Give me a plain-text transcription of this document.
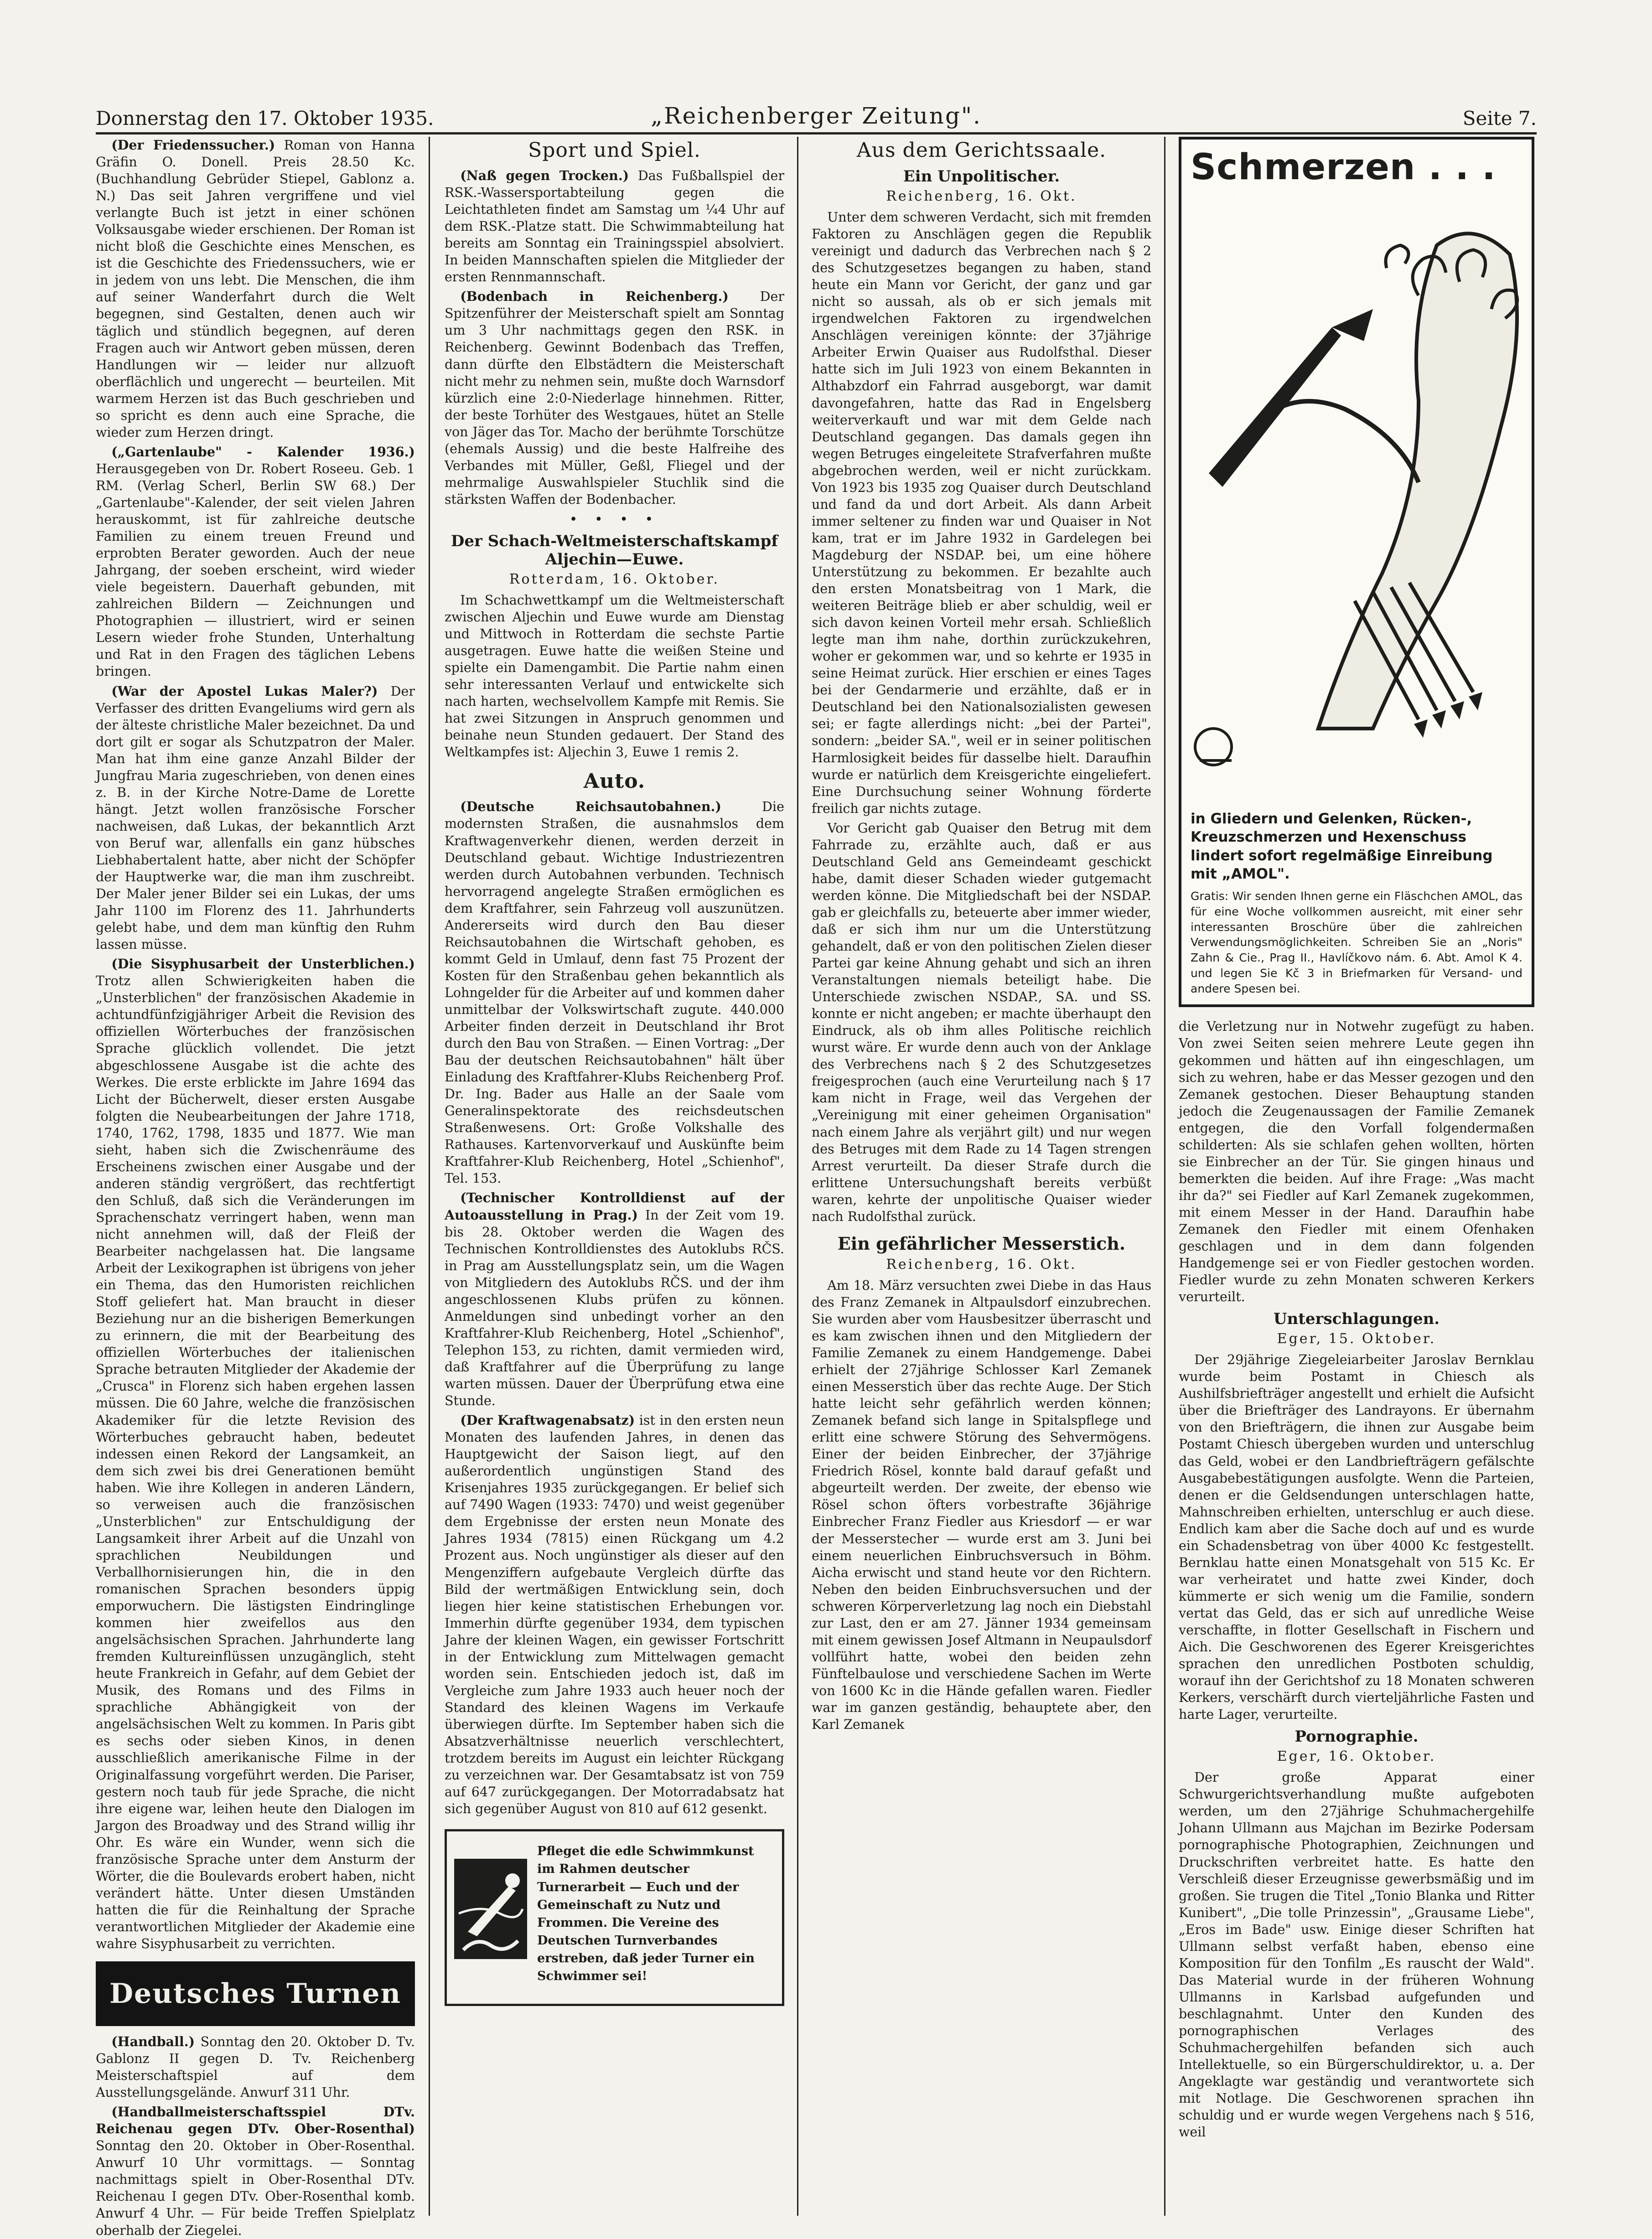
Donnerstag den 17. Oktober 1935.	„Reichenberger Zeitung".	Seite 7.

(Der Friedenssucher.) Roman von Hanna Gräfin O. Donell. Preis 28.50 Kc. (Buchhandlung Gebrüder Stiepel, Gablonz a. N.) Das seit Jahren vergriffene und viel verlangte Buch ist jetzt in einer schönen Volksausgabe wieder erschienen. Der Roman ist nicht bloß die Geschichte eines Menschen, es ist die Geschichte des Friedenssuchers, wie er in jedem von uns lebt. Die Menschen, die ihm auf seiner Wanderfahrt durch die Welt begegnen, sind Gestalten, denen auch wir täglich und stündlich begegnen, auf deren Fragen auch wir Antwort geben müssen, deren Handlungen wir — leider nur allzuoft oberflächlich und ungerecht — beurteilen. Mit warmem Herzen ist das Buch geschrieben und so spricht es denn auch eine Sprache, die wieder zum Herzen dringt.

(„Gartenlaube" - Kalender 1936.) Herausgegeben von Dr. Robert Roseeu. Geb. 1 RM. (Verlag Scherl, Berlin SW 68.) Der „Gartenlaube"-Kalender, der seit vielen Jahren herauskommt, ist für zahlreiche deutsche Familien zu einem treuen Freund und erprobten Berater geworden. Auch der neue Jahrgang, der soeben erscheint, wird wieder viele begeistern. Dauerhaft gebunden, mit zahlreichen Bildern — Zeichnungen und Photographien — illustriert, wird er seinen Lesern wieder frohe Stunden, Unterhaltung und Rat in den Fragen des täglichen Lebens bringen.

(War der Apostel Lukas Maler?) Der Verfasser des dritten Evangeliums wird gern als der älteste christliche Maler bezeichnet. Da und dort gilt er sogar als Schutzpatron der Maler. Man hat ihm eine ganze Anzahl Bilder der Jungfrau Maria zugeschrieben, von denen eines z. B. in der Kirche Notre-Dame de Lorette hängt. Jetzt wollen französische Forscher nachweisen, daß Lukas, der bekanntlich Arzt von Beruf war, allenfalls ein ganz hübsches Liebhabertalent hatte, aber nicht der Schöpfer der Hauptwerke war, die man ihm zuschreibt. Der Maler jener Bilder sei ein Lukas, der ums Jahr 1100 im Florenz des 11. Jahrhunderts gelebt habe, und dem man künftig den Ruhm lassen müsse.

(Die Sisyphusarbeit der Unsterblichen.) Trotz allen Schwierigkeiten haben die „Unsterblichen" der französischen Akademie in achtundfünfzigjähriger Arbeit die Revision des offiziellen Wörterbuches der französischen Sprache glücklich vollendet. Die jetzt abgeschlossene Ausgabe ist die achte des Werkes. Die erste erblickte im Jahre 1694 das Licht der Bücherwelt, dieser ersten Ausgabe folgten die Neubearbeitungen der Jahre 1718, 1740, 1762, 1798, 1835 und 1877. Wie man sieht, haben sich die Zwischenräume des Erscheinens zwischen einer Ausgabe und der anderen ständig vergrößert, das rechtfertigt den Schluß, daß sich die Veränderungen im Sprachenschatz verringert haben, wenn man nicht annehmen will, daß der Fleiß der Bearbeiter nachgelassen hat. Die langsame Arbeit der Lexikographen ist übrigens von jeher ein Thema, das den Humoristen reichlichen Stoff geliefert hat. Man braucht in dieser Beziehung nur an die bisherigen Bemerkungen zu erinnern, die mit der Bearbeitung des offiziellen Wörterbuches der italienischen Sprache betrauten Mitglieder der Akademie der „Crusca" in Florenz sich haben ergehen lassen müssen. Die 60 Jahre, welche die französischen Akademiker für die letzte Revision des Wörterbuches gebraucht haben, bedeutet indessen einen Rekord der Langsamkeit, an dem sich zwei bis drei Generationen bemüht haben. Wie ihre Kollegen in anderen Ländern, so verweisen auch die französischen „Unsterblichen" zur Entschuldigung der Langsamkeit ihrer Arbeit auf die Unzahl von sprachlichen Neubildungen und Verballhornisierungen hin, die in den romanischen Sprachen besonders üppig emporwuchern. Die lästigsten Eindringlinge kommen hier zweifellos aus den angelsächsischen Sprachen. Jahrhunderte lang fremden Kultureinflüssen unzugänglich, steht heute Frankreich in Gefahr, auf dem Gebiet der Musik, des Romans und des Films in sprachliche Abhängigkeit von der angelsächsischen Welt zu kommen. In Paris gibt es sechs oder sieben Kinos, in denen ausschließlich amerikanische Filme in der Originalfassung vorgeführt werden. Die Pariser, gestern noch taub für jede Sprache, die nicht ihre eigene war, leihen heute den Dialogen im Jargon des Broadway und des Strand willig ihr Ohr. Es wäre ein Wunder, wenn sich die französische Sprache unter dem Ansturm der Wörter, die die Boulevards erobert haben, nicht verändert hätte. Unter diesen Umständen hatten die für die Reinhaltung der Sprache verantwortlichen Mitglieder der Akademie eine wahre Sisyphusarbeit zu verrichten.

Deutsches Turnen

(Handball.) Sonntag den 20. Oktober D. Tv. Gablonz II gegen D. Tv. Reichenberg Meisterschaftspiel auf dem Ausstellungsgelände. Anwurf 311 Uhr.

(Handballmeisterschaftsspiel DTv. Reichenau gegen DTv. Ober-Rosenthal) Sonntag den 20. Oktober in Ober-Rosenthal. Anwurf 10 Uhr vormittags. — Sonntag nachmittags spielt in Ober-Rosenthal DTv. Reichenau I gegen DTv. Ober-Rosenthal komb. Anwurf 4 Uhr. — Für beide Treffen Spielplatz oberhalb der Ziegelei.

Sport und Spiel.

(Naß gegen Trocken.) Das Fußballspiel der RSK.-Wassersportabteilung gegen die Leichtathleten findet am Samstag um ¼4 Uhr auf dem RSK.-Platze statt. Die Schwimmabteilung hat bereits am Sonntag ein Trainingsspiel absolviert. In beiden Mannschaften spielen die Mitglieder der ersten Rennmannschaft.

(Bodenbach in Reichenberg.) Der Spitzenführer der Meisterschaft spielt am Sonntag um 3 Uhr nachmittags gegen den RSK. in Reichenberg. Gewinnt Bodenbach das Treffen, dann dürfte den Elbstädtern die Meisterschaft nicht mehr zu nehmen sein, mußte doch Warnsdorf kürzlich eine 2:0-Niederlage hinnehmen. Ritter, der beste Torhüter des Westgaues, hütet an Stelle von Jäger das Tor. Macho der berühmte Torschütze (ehemals Aussig) und die beste Halfreihe des Verbandes mit Müller, Geßl, Fliegel und der mehrmalige Auswahlspieler Stuchlik sind die stärksten Waffen der Bodenbacher.

• • • •
Der Schach-Weltmeisterschaftskampf Aljechin—Euwe.
Rotterdam, 16. Oktober.

Im Schachwettkampf um die Weltmeisterschaft zwischen Aljechin und Euwe wurde am Dienstag und Mittwoch in Rotterdam die sechste Partie ausgetragen. Euwe hatte die weißen Steine und spielte ein Damengambit. Die Partie nahm einen sehr interessanten Verlauf und entwickelte sich nach harten, wechselvollem Kampfe mit Remis. Sie hat zwei Sitzungen in Anspruch genommen und beinahe neun Stunden gedauert. Der Stand des Weltkampfes ist: Aljechin 3, Euwe 1 remis 2.

Auto.

(Deutsche Reichsautobahnen.)	Die modernsten Straßen, die ausnahmslos dem Kraftwagenverkehr dienen, werden derzeit in Deutschland gebaut. Wichtige Industriezentren werden durch Autobahnen verbunden. Technisch hervorragend angelegte Straßen ermöglichen es dem Kraftfahrer, sein Fahrzeug voll auszunützen. Andererseits wird durch den Bau dieser Reichsautobahnen die Wirtschaft gehoben, es kommt Geld in Umlauf, denn fast 75 Prozent der Kosten für den Straßenbau gehen bekanntlich als Lohngelder für die Arbeiter auf und kommen daher unmittelbar der Volkswirtschaft zugute. 440.000 Arbeiter finden derzeit in Deutschland ihr Brot durch den Bau von Straßen. — Einen Vortrag: „Der Bau der deutschen Reichsautobahnen" hält über Einladung des Kraftfahrer-Klubs Reichenberg Prof. Dr. Ing. Bader aus Halle an der Saale vom Generalinspektorate des reichsdeutschen Straßenwesens. Ort: Große Volkshalle des Rathauses. Kartenvorverkauf und Auskünfte beim Kraftfahrer-Klub Reichenberg, Hotel „Schienhof", Tel. 153.

(Technischer Kontrolldienst auf der Autoausstellung in Prag.) In der Zeit vom 19. bis 28. Oktober werden die Wagen des Technischen Kontrolldienstes des Autoklubs RČS. in Prag am Ausstellungsplatz sein, um die Wagen von Mitgliedern des Autoklubs RČS. und der ihm angeschlossenen Klubs prüfen zu können. Anmeldungen sind unbedingt vorher an den Kraftfahrer-Klub Reichenberg, Hotel „Schienhof", Telephon 153, zu richten, damit vermieden wird, daß Kraftfahrer auf die Überprüfung zu lange warten müssen. Dauer der Überprüfung etwa eine Stunde.

(Der Kraftwagenabsatz) ist in den ersten neun Monaten des laufenden Jahres, in denen das Hauptgewicht der Saison liegt, auf den außerordentlich ungünstigen Stand des Krisenjahres 1935 zurückgegangen. Er belief sich auf 7490 Wagen (1933: 7470) und weist gegenüber dem Ergebnisse der ersten neun Monate des Jahres 1934 (7815) einen Rückgang um 4.2 Prozent aus. Noch ungünstiger als dieser auf den Mengenziffern aufgebaute Vergleich dürfte das Bild der wertmäßigen Entwicklung sein, doch liegen hier keine statistischen Erhebungen vor. Immerhin dürfte gegenüber 1934, dem typischen Jahre der kleinen Wagen, ein gewisser Fortschritt in der Entwicklung zum Mittelwagen gemacht worden sein. Entschieden jedoch ist, daß im Vergleiche zum Jahre 1933 auch heuer noch der Standard des kleinen Wagens im Verkaufe überwiegen dürfte. Im September haben sich die Absatzverhältnisse neuerlich verschlechtert, trotzdem bereits im August ein leichter Rückgang zu verzeichnen war. Der Gesamtabsatz ist von 759 auf 647 zurückgegangen. Der Motorradabsatz hat sich gegenüber August von 810 auf 612 gesenkt.

Pfleget die edle Schwimmkunst im Rahmen deutscher Turnerarbeit — Euch und der Gemeinschaft zu Nutz und Frommen. Die Vereine des Deutschen Turnverbandes erstreben, daß jeder Turner ein Schwimmer sei!
Aus dem Gerichtssaale.
Ein Unpolitischer.
Reichenberg, 16. Okt.

Unter dem schweren Verdacht, sich mit fremden Faktoren zu Anschlägen gegen die Republik vereinigt und dadurch das Verbrechen nach § 2 des Schutzgesetzes begangen zu haben, stand heute ein Mann vor Gericht, der ganz und gar nicht so aussah, als ob er sich jemals mit irgendwelchen Faktoren zu irgendwelchen Anschlägen vereinigen könnte: der 37jährige Arbeiter Erwin Quaiser aus Rudolfsthal. Dieser hatte sich im Juli 1923 von einem Bekannten in Althabzdorf ein Fahrrad ausgeborgt, war damit davongefahren, hatte das Rad in Engelsberg weiterverkauft und war mit dem Gelde nach Deutschland gegangen. Das damals gegen ihn wegen Betruges eingeleitete Strafverfahren mußte abgebrochen werden, weil er nicht zurückkam. Von 1923 bis 1935 zog Quaiser durch Deutschland und fand da und dort Arbeit. Als dann Arbeit immer seltener zu finden war und Quaiser in Not kam, trat er im Jahre 1932 in Gardelegen bei Magdeburg der NSDAP. bei, um eine höhere Unterstützung zu bekommen. Er bezahlte auch den ersten Monatsbeitrag von 1 Mark, die weiteren Beiträge blieb er aber schuldig, weil er sich davon keinen Vorteil mehr ersah. Schließlich legte man ihm nahe, dorthin zurückzukehren, woher er gekommen war, und so kehrte er 1935 in seine Heimat zurück. Hier erschien er eines Tages bei der Gendarmerie und erzählte, daß er in Deutschland bei den Nationalsozialisten gewesen sei; er fagte allerdings nicht: „bei der Partei", sondern: „beider SA.", weil er in seiner politischen Harmlosigkeit beides für dasselbe hielt. Daraufhin wurde er natürlich dem Kreisgerichte eingeliefert. Eine Durchsuchung seiner Wohnung förderte freilich gar nichts zutage.

Vor Gericht gab Quaiser den Betrug mit dem Fahrrade zu, erzählte auch, daß er aus Deutschland Geld ans Gemeindeamt geschickt habe, damit dieser Schaden wieder gutgemacht werden könne. Die Mitgliedschaft bei der NSDAP. gab er gleichfalls zu, beteuerte aber immer wieder, daß er sich ihm nur um die Unterstützung gehandelt, daß er von den politischen Zielen dieser Partei gar keine Ahnung gehabt und sich an ihren Veranstaltungen niemals beteiligt habe. Die Unterschiede zwischen NSDAP., SA. und SS. konnte er nicht angeben; er machte überhaupt den Eindruck, als ob ihm alles Politische reichlich wurst wäre. Er wurde denn auch von der Anklage des Verbrechens nach § 2 des Schutzgesetzes freigesprochen (auch eine Verurteilung nach § 17 kam nicht in Frage, weil das Vergehen der „Vereinigung mit einer geheimen Organisation" nach einem Jahre als verjährt gilt) und nur wegen des Betruges mit dem Rade zu 14 Tagen strengen Arrest verurteilt. Da dieser Strafe durch die erlittene Untersuchungshaft bereits verbüßt waren, kehrte der unpolitische Quaiser wieder nach Rudolfsthal zurück.

Ein gefährlicher Messerstich.
Reichenberg, 16. Okt.

Am 18. März versuchten zwei Diebe in das Haus des Franz Zemanek in Altpaulsdorf einzubrechen. Sie wurden aber vom Hausbesitzer überrascht und es kam zwischen ihnen und den Mitgliedern der Familie Zemanek zu einem Handgemenge. Dabei erhielt der 27jährige Schlosser Karl Zemanek einen Messerstich über das rechte Auge. Der Stich hatte leicht sehr gefährlich werden können; Zemanek befand sich lange in Spitalspflege und erlitt eine schwere Störung des Sehvermögens. Einer der beiden Einbrecher, der 37jährige Friedrich Rösel, konnte bald darauf gefaßt und abgeurteilt werden. Der zweite, der ebenso wie Rösel schon öfters vorbestrafte 36jährige Einbrecher Franz Fiedler aus Kriesdorf — er war der Messerstecher — wurde erst am 3. Juni bei einem neuerlichen Einbruchsversuch in Böhm. Aicha erwischt und stand heute vor den Richtern. Neben den beiden Einbruchsversuchen und der schweren Körperverletzung lag noch ein Diebstahl zur Last, den er am 27. Jänner 1934 gemeinsam mit einem gewissen Josef Altmann in Neupaulsdorf vollführt hatte, wobei den beiden zehn Fünftelbaulose und verschiedene Sachen im Werte von 1600 Kc in die Hände gefallen waren. Fiedler war im ganzen geständig, behauptete aber, den Karl Zemanek

Schmerzen . . .
in Gliedern und Gelenken, Rücken-, Kreuzschmerzen und Hexenschuss lindert sofort regelmäßige Einreibung mit „AMOL".
Gratis: Wir senden Ihnen gerne ein Fläschchen AMOL, das für eine Woche vollkommen ausreicht, mit einer sehr interessanten Broschüre über die zahlreichen Verwendungsmöglichkeiten. Schreiben Sie an „Noris" Zahn & Cie., Prag II., Havlíčkovo nám. 6. Abt. Amol K 4. und legen Sie Kč 3 in Briefmarken für Versand- und andere Spesen bei.

die Verletzung nur in Notwehr zugefügt zu haben. Von zwei Seiten seien mehrere Leute gegen ihn gekommen und hätten auf ihn eingeschlagen, um sich zu wehren, habe er das Messer gezogen und den Zemanek gestochen. Dieser Behauptung standen jedoch die Zeugenaussagen der Familie Zemanek entgegen, die den Vorfall folgendermaßen schilderten: Als sie schlafen gehen wollten, hörten sie Einbrecher an der Tür. Sie gingen hinaus und bemerkten die beiden. Auf ihre Frage: „Was macht ihr da?" sei Fiedler auf Karl Zemanek zugekommen, mit einem Messer in der Hand. Daraufhin habe Zemanek den Fiedler mit einem Ofenhaken geschlagen und in dem dann folgenden Handgemenge sei er von Fiedler gestochen worden. Fiedler wurde zu zehn Monaten schweren Kerkers verurteilt.

Unterschlagungen.
Eger, 15. Oktober.

Der 29jährige Ziegeleiarbeiter Jaroslav Bernklau wurde beim Postamt in Chiesch als Aushilfsbriefträger angestellt und erhielt die Aufsicht über die Briefträger des Landrayons. Er übernahm von den Briefträgern, die ihnen zur Ausgabe beim Postamt Chiesch übergeben wurden und unterschlug das Geld, wobei er den Landbriefträgern gefälschte Ausgabebestätigungen ausfolgte. Wenn die Parteien, denen er die Geldsendungen unterschlagen hatte, Mahnschreiben erhielten, unterschlug er auch diese. Endlich kam aber die Sache doch auf und es wurde ein Schadensbetrag von über 4000 Kc festgestellt. Bernklau hatte einen Monatsgehalt von 515 Kc. Er war verheiratet und hatte zwei Kinder, doch kümmerte er sich wenig um die Familie, sondern vertat das Geld, das er sich auf unredliche Weise verschaffte, in flotter Gesellschaft in Fischern und Aich. Die Geschworenen des Egerer Kreisgerichtes sprachen den unredlichen Postboten schuldig, worauf ihn der Gerichtshof zu 18 Monaten schweren Kerkers, verschärft durch vierteljährliche Fasten und harte Lager, verurteilte.

Pornographie.
Eger, 16. Oktober.

Der große Apparat einer Schwurgerichtsverhandlung mußte aufgeboten werden, um den 27jährige Schuhmachergehilfe Johann Ullmann aus Majchan im Bezirke Podersam pornographische Photographien, Zeichnungen und Druckschriften verbreitet hatte. Es hatte den Verschleiß dieser Erzeugnisse gewerbsmäßig und im großen. Sie trugen die Titel „Tonio Blanka und Ritter Kunibert", „Die tolle Prinzessin", „Grausame Liebe", „Eros im Bade" usw. Einige dieser Schriften hat Ullmann selbst verfaßt haben, ebenso eine Komposition für den Tonfilm „Es rauscht der Wald". Das Material wurde in der früheren Wohnung Ullmanns in Karlsbad aufgefunden und beschlagnahmt. Unter den Kunden des pornographischen Verlages des Schuhmachergehilfen befanden sich auch Intellektuelle, so ein Bürgerschuldirektor, u. a. Der Angeklagte war geständig und verantwortete sich mit Notlage. Die Geschworenen sprachen ihn schuldig und er wurde wegen Vergehens nach § 516, weil
